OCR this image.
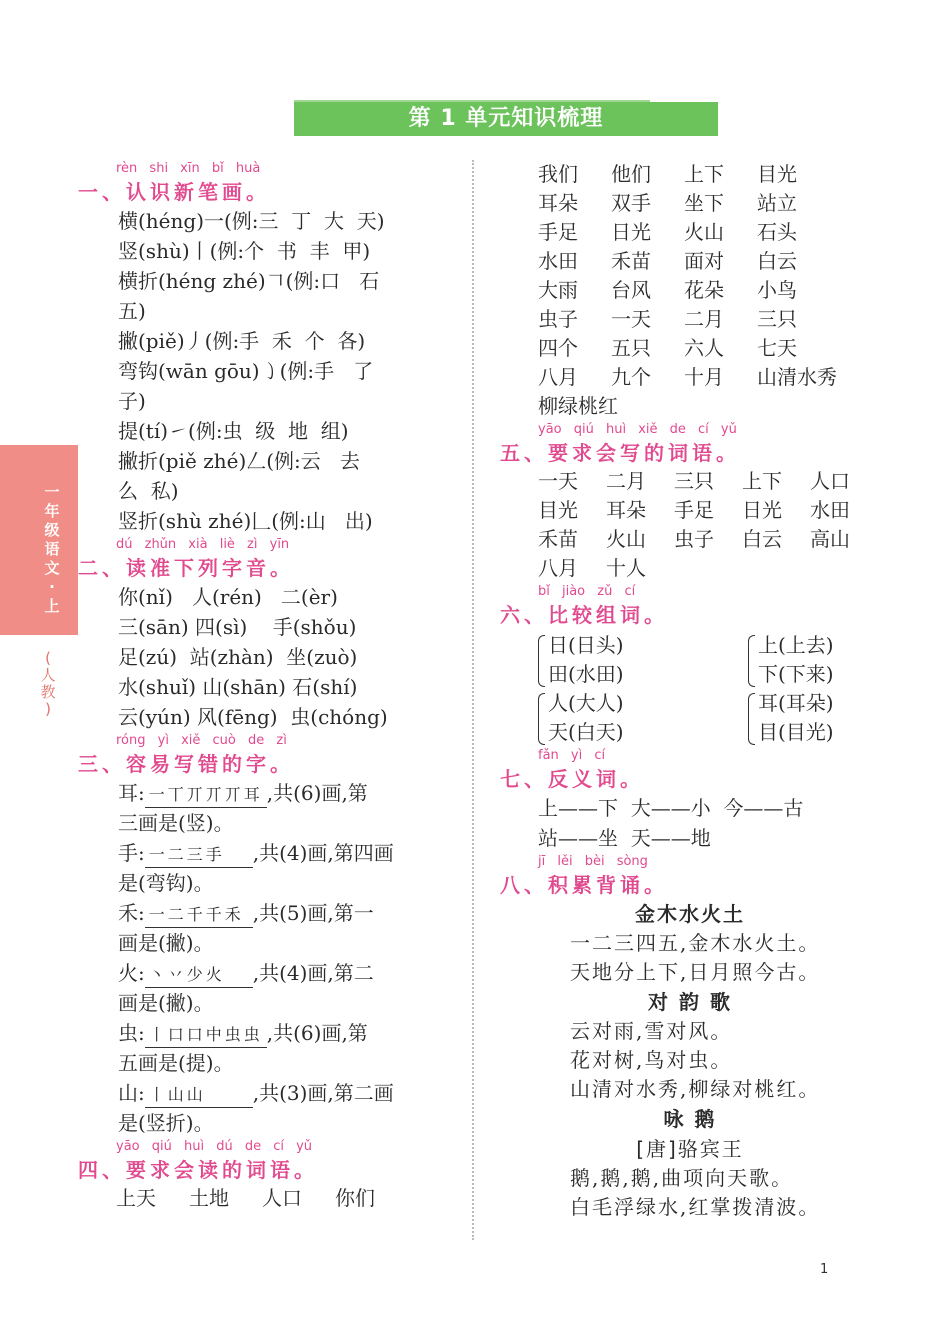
第 1 单元知识梳理
一
年
级
语
文
·
上
(
人
教
)
rèn shi xīn bǐ huà
一、认识新笔画。
横(héng)一(例:三  丁  大  天)
竖(shù)丨(例:个  书  丰  甲)
横折(héng zhé)𠃍(例:口   石
五)
撇(piě)丿(例:手  禾  个  各)
弯钩(wān gōu)㇁(例:手   了
子)
提(tí)㇀(例:虫  级  地  组)
撇折(piě zhé)𠃋(例:云   去
么  私)
竖折(shù zhé)𠃊(例:山   出)
dú zhǔn xià liè zì yīn
二、读准下列字音。
你(nǐ)   人(rén)   二(èr)
三(sān) 四(sì)    手(shǒu)
足(zú)  站(zhàn)  坐(zuò)
水(shuǐ) 山(shān) 石(shí)
云(yún) 风(fēng)  虫(chóng)
róng yì xiě cuò de zì
三、容易写错的字。
耳: 一丅丌丌丌耳 ,共(6)画,第
三画是(竖)。
手: 一二三手 ,共(4)画,第四画
是(弯钩)。
禾: 一二千千禾 ,共(5)画,第一
画是(撇)。
火: 丶丷少火 ,共(4)画,第二
画是(撇)。
虫: 丨口口中虫虫 ,共(6)画,第
五画是(提)。
山: 丨山山 ,共(3)画,第二画
是(竖折)。
yāo qiú huì dú de cí yǔ
四、要求会读的词语。
上天 土地 人口 你们
我们 他们 上下 目光
耳朵 双手 坐下 站立
手足 日光 火山 石头
水田 禾苗 面对 白云
大雨 台风 花朵 小鸟
虫子 一天 二月 三只
四个 五只 六人 七天
八月 九个 十月 山清水秀
柳绿桃红
yāo qiú huì xiě de cí yǔ
五、要求会写的词语。
一天 二月 三只 上下 人口
目光 耳朵 手足 日光 水田
禾苗 火山 虫子 白云 高山
八月 十人
bǐ jiào zǔ cí
六、比较组词。
日(日头)
田(水田)
上(上去)
下(下来)
人(大人)
天(白天)
耳(耳朵)
目(目光)
fǎn yì cí
七、反义词。
上——下  大——小  今——古
站——坐  天——地
jī lěi bèi sòng
八、积累背诵。
金木水火土
一二三四五,金木水火土。
天地分上下,日月照今古。
对 韵 歌
云对雨,雪对风。
花对树,鸟对虫。
山清对水秀,柳绿对桃红。
咏 鹅
[唐]骆宾王
鹅,鹅,鹅,曲项向天歌。
白毛浮绿水,红掌拨清波。
1
